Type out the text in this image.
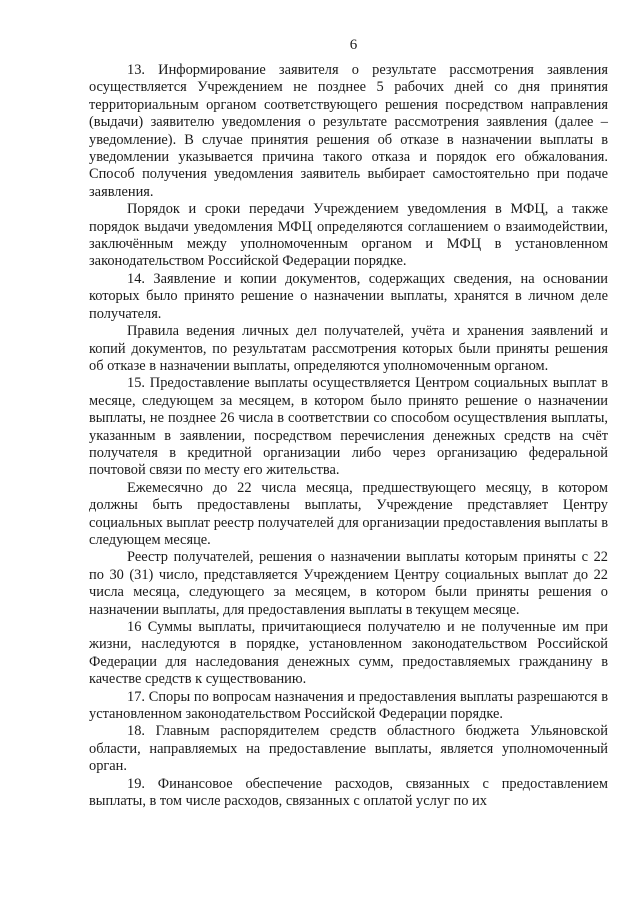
6

13. Информирование заявителя о результате рассмотрения заявления осуществляется Учреждением не позднее 5 рабочих дней со дня принятия территориальным органом соответствующего решения посредством направления (выдачи) заявителю уведомления о результате рассмотрения заявления (далее – уведомление). В случае принятия решения об отказе в назначении выплаты в уведомлении указывается причина такого отказа и порядок его обжалования. Способ получения уведомления заявитель выбирает самостоятельно при подаче заявления.

Порядок и сроки передачи Учреждением уведомления в МФЦ, а также порядок выдачи уведомления МФЦ определяются соглашением о взаимодействии, заключённым между уполномоченным органом и МФЦ в установленном законодательством Российской Федерации порядке.

14. Заявление и копии документов, содержащих сведения, на основании которых было принято решение о назначении выплаты, хранятся в личном деле получателя.

Правила ведения личных дел получателей, учёта и хранения заявлений и копий документов, по результатам рассмотрения которых были приняты решения об отказе в назначении выплаты, определяются уполномоченным органом.

15. Предоставление выплаты осуществляется Центром социальных выплат в месяце, следующем за месяцем, в котором было принято решение о назначении выплаты, не позднее 26 числа в соответствии со способом осуществления выплаты, указанным в заявлении, посредством перечисления денежных средств на счёт получателя в кредитной организации либо через организацию федеральной почтовой связи по месту его жительства.

Ежемесячно до 22 числа месяца, предшествующего месяцу, в котором должны быть предоставлены выплаты, Учреждение представляет Центру социальных выплат реестр получателей для организации предоставления выплаты в следующем месяце.

Реестр получателей, решения о назначении выплаты которым приняты с 22 по 30 (31) число, представляется Учреждением Центру социальных выплат до 22 числа месяца, следующего за месяцем, в котором были приняты решения о назначении выплаты, для предоставления выплаты в текущем месяце.

16 Суммы выплаты, причитающиеся получателю и не полученные им при жизни, наследуются в порядке, установленном законодательством Российской Федерации для наследования денежных сумм, предоставляемых гражданину в качестве средств к существованию.

17. Споры по вопросам назначения и предоставления выплаты разрешаются в установленном законодательством Российской Федерации порядке.

18. Главным распорядителем средств областного бюджета Ульяновской области, направляемых на предоставление выплаты, является уполномоченный орган.

19. Финансовое обеспечение расходов, связанных с предоставлением выплаты, в том числе расходов, связанных с оплатой услуг по их
